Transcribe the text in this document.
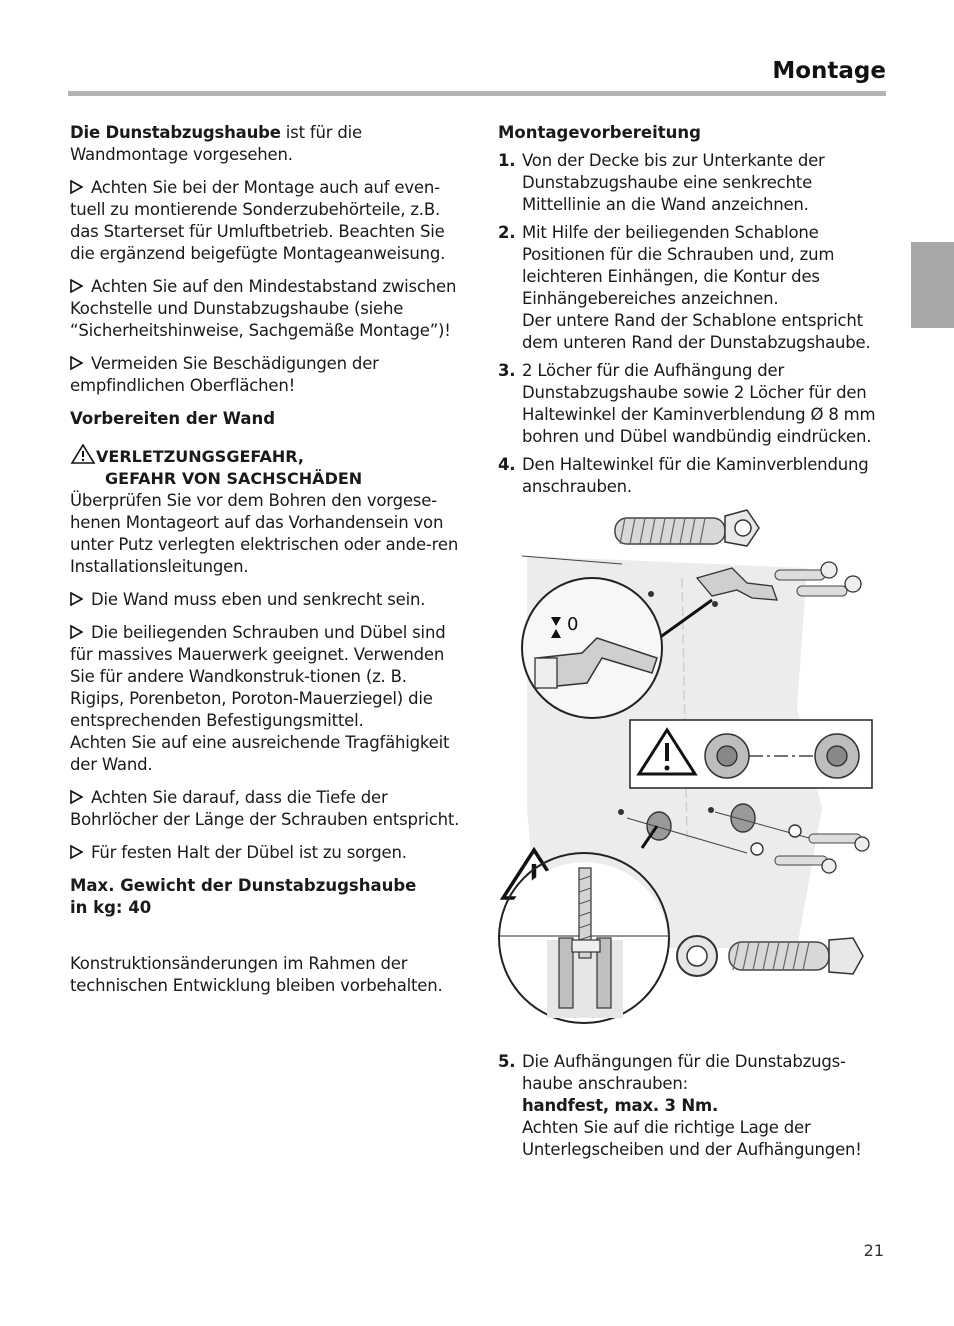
Montage

Die Dunstabzugshaube ist für die Wandmontage vorgesehen.

Achten Sie bei der Montage auch auf even-tuell zu montierende Sonderzubehörteile, z.B. das Starterset für Umluftbetrieb. Beachten Sie die ergänzend beigefügte Montageanweisung.

Achten Sie auf den Mindestabstand zwischen Kochstelle und Dunstabzugshaube (siehe “Sicherheitshinweise, Sachgemäße Montage”)!

Vermeiden Sie Beschädigungen der empfindlichen Oberflächen!

Vorbereiten der Wand
VERLETZUNGSGEFAHR,
GEFAHR VON SACHSCHÄDEN

Überprüfen Sie vor dem Bohren den vorgese-henen Montageort auf das Vorhandensein von unter Putz verlegten elektrischen oder ande-ren Installationsleitungen.

Die Wand muss eben und senkrecht sein.

Die beiliegenden Schrauben und Dübel sind für massives Mauerwerk geeignet. Verwenden Sie für andere Wandkonstruk-tionen (z. B. Rigips, Porenbeton, Poroton-Mauerziegel) die entsprechenden Befestigungsmittel.
Achten Sie auf eine ausreichende Tragfähigkeit der Wand.

Achten Sie darauf, dass die Tiefe der Bohrlöcher der Länge der Schrauben entspricht.

Für festen Halt der Dübel ist zu sorgen.

Max. Gewicht der Dunstabzugshaube
in kg: 40

Konstruktionsänderungen im Rahmen der technischen Entwicklung bleiben vorbehalten.

Montagevorbereitung
1. Von der Decke bis zur Unterkante der Dunstabzugshaube eine senkrechte Mittellinie an die Wand anzeichnen.
2. Mit Hilfe der beiliegenden Schablone Positionen für die Schrauben und, zum leichteren Einhängen, die Kontur des Einhängebereiches anzeichnen.
Der untere Rand der Schablone entspricht dem unteren Rand der Dunstabzugshaube.
3. 2 Löcher für die Aufhängung der Dunstabzugshaube sowie 2 Löcher für den Haltewinkel der Kaminverblendung Ø 8 mm bohren und Dübel wandbündig eindrücken.
4. Den Haltewinkel für die Kaminverblendung anschrauben.
0
5. Die Aufhängungen für die Dunstabzugs-haube anschrauben:
handfest, max. 3 Nm.
Achten Sie auf die richtige Lage der Unterlegscheiben und der Aufhängungen!
21
